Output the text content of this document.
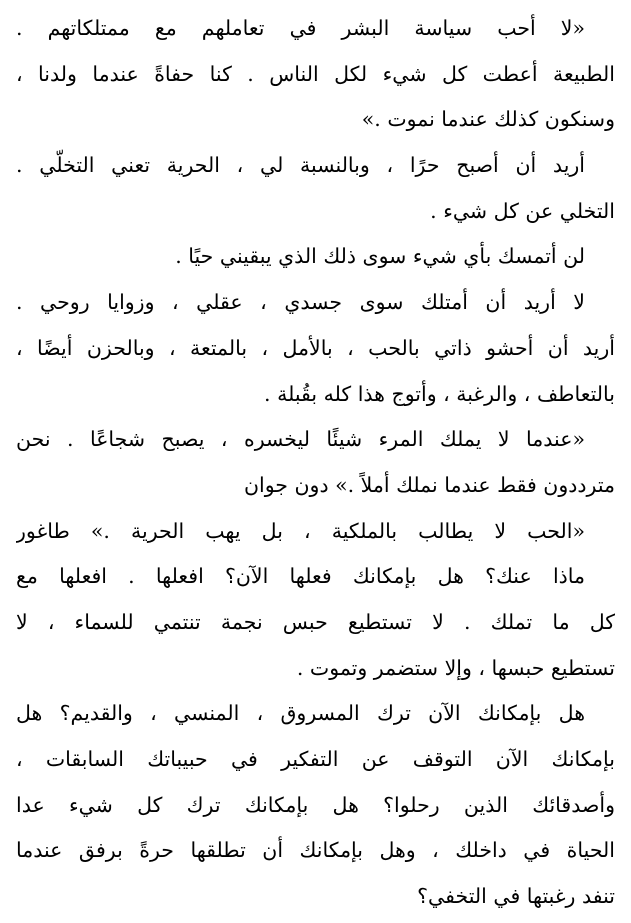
«لا أحب سياسة البشر في تعاملهم مع ممتلكاتهم .
الطبيعة أعطت كل شيء لكل الناس . كنا حفاةً عندما ولدنا ،
وسنكون كذلك عندما نموت .»
أريد أن أصبح حرًا ، وبالنسبة لي ، الحرية تعني التخلّي .
التخلي عن كل شيء .
لن أتمسك بأي شيء سوى ذلك الذي يبقيني حيًا .
لا أريد أن أمتلك سوى جسدي ، عقلي ، وزوايا روحي .
أريد أن أحشو ذاتي بالحب ، بالأمل ، بالمتعة ، وبالحزن أيضًا ،
بالتعاطف ، والرغبة ، وأتوج هذا كله بقُبلة .
«عندما لا يملك المرء شيئًا ليخسره ، يصبح شجاعًا . نحن
مترددون فقط عندما نملك أملاً .» دون جوان
«الحب لا يطالب بالملكية ، بل يهب الحرية .» طاغور
ماذا عنك؟ هل بإمكانك فعلها الآن؟ افعلها . افعلها مع
كل ما تملك . لا تستطيع حبس نجمة تنتمي للسماء ، لا
تستطيع حبسها ، وإلا ستضمر وتموت .
هل بإمكانك الآن ترك المسروق ، المنسي ، والقديم؟ هل
بإمكانك الآن التوقف عن التفكير في حبيباتك السابقات ،
وأصدقائك الذين رحلوا؟ هل بإمكانك ترك كل شيء عدا
الحياة في داخلك ، وهل بإمكانك أن تطلقها حرةً برفق عندما
تنفد رغبتها في التخفي؟
